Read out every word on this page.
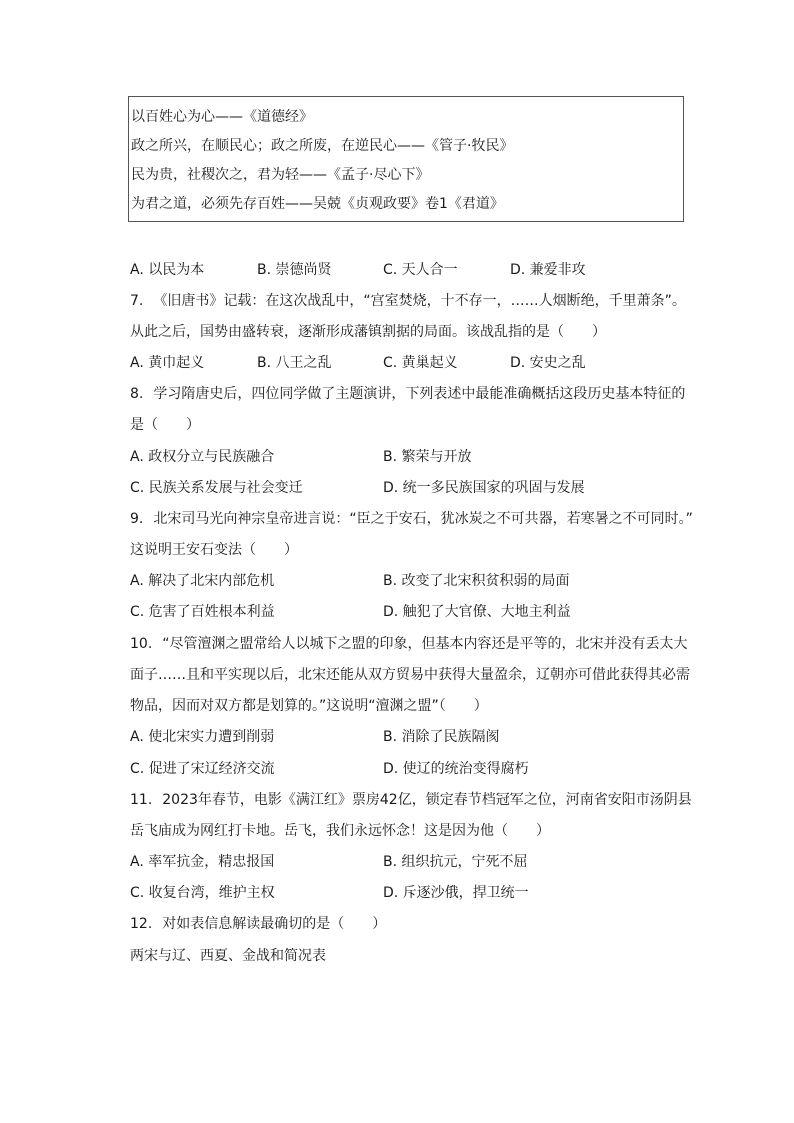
以百姓心为心——《道德经》
政之所兴，在顺民心；政之所废，在逆民心——《管子·牧民》
民为贵，社稷次之，君为轻——《孟子·尽心下》
为君之道，必须先存百姓——吴兢《贞观政要》卷1《君道》
A. 以民为本	B. 崇德尚贤	C. 天人合一	D. 兼爱非攻
7. 《旧唐书》记载：在这次战乱中，“宫室焚烧，十不存一，……人烟断绝，千里萧条”。
从此之后，国势由盛转衰，逐渐形成藩镇割据的局面。该战乱指的是（　　）
A. 黄巾起义	B. 八王之乱	C. 黄巢起义	D. 安史之乱
8. 学习隋唐史后，四位同学做了主题演讲，下列表述中最能准确概括这段历史基本特征的
是（　　）
A. 政权分立与民族融合	B. 繁荣与开放
C. 民族关系发展与社会变迁	D. 统一多民族国家的巩固与发展
9. 北宋司马光向神宗皇帝进言说：“臣之于安石，犹冰炭之不可共器，若寒暑之不可同时。”
这说明王安石变法（　　）
A. 解决了北宋内部危机	B. 改变了北宋积贫积弱的局面
C. 危害了百姓根本利益	D. 触犯了大官僚、大地主利益
10. “尽管澶渊之盟常给人以城下之盟的印象，但基本内容还是平等的，北宋并没有丢太大
面子……且和平实现以后，北宋还能从双方贸易中获得大量盈余，辽朝亦可借此获得其必需
物品，因而对双方都是划算的。”这说明“澶渊之盟”（　　）
A. 使北宋实力遭到削弱	B. 消除了民族隔阂
C. 促进了宋辽经济交流	D. 使辽的统治变得腐朽
11. 2023年春节，电影《满江红》票房42亿，锁定春节档冠军之位，河南省安阳市汤阴县
岳飞庙成为网红打卡地。岳飞，我们永远怀念！这是因为他（　　）
A. 率军抗金，精忠报国	B. 组织抗元，宁死不屈
C. 收复台湾，维护主权	D. 斥逐沙俄，捍卫统一
12. 对如表信息解读最确切的是（　　）
两宋与辽、西夏、金战和简况表
